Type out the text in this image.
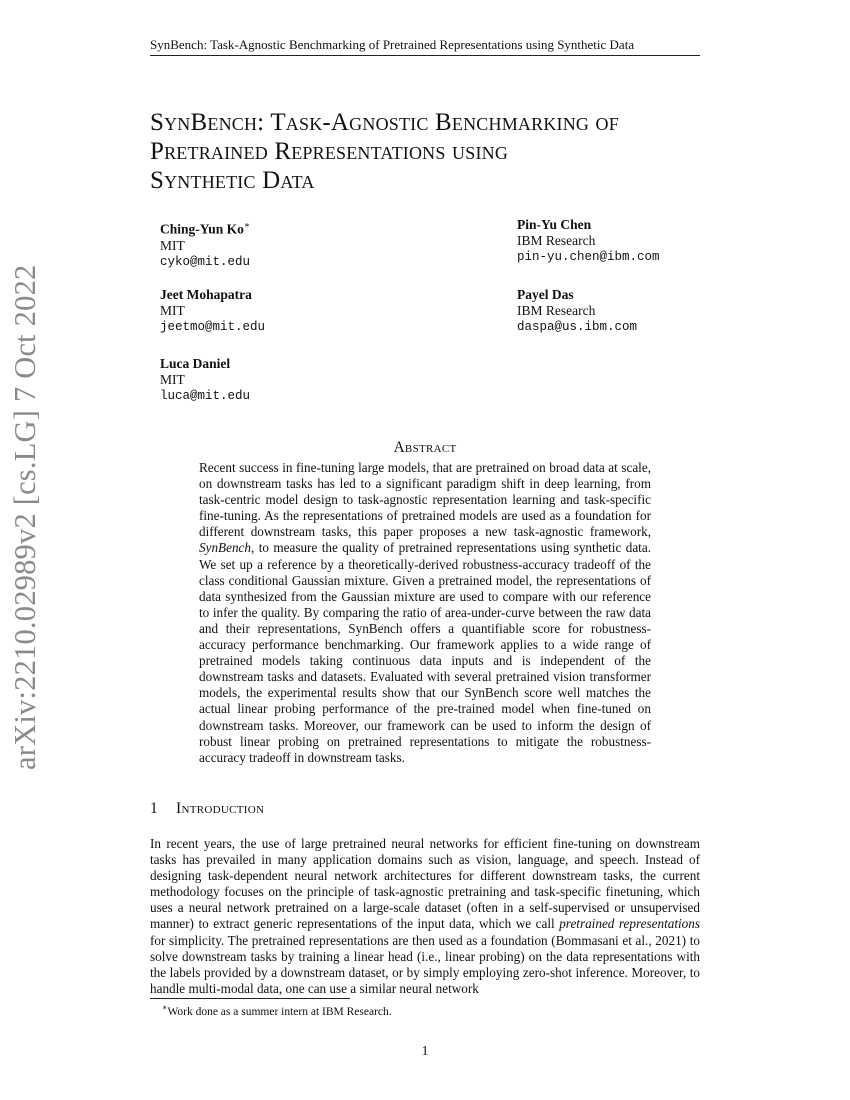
SynBench: Task-Agnostic Benchmarking of Pretrained Representations using Synthetic Data
arXiv:2210.02989v2 [cs.LG] 7 Oct 2022
SynBench: Task-Agnostic Benchmarking of
Pretrained Representations using
Synthetic Data
Ching-Yun Ko∗
MIT
cyko@mit.edu
Pin-Yu Chen
IBM Research
pin-yu.chen@ibm.com
Jeet Mohapatra
MIT
jeetmo@mit.edu
Payel Das
IBM Research
daspa@us.ibm.com
Luca Daniel
MIT
luca@mit.edu
Abstract
Recent success in fine-tuning large models, that are pretrained on broad data at scale, on downstream tasks has led to a significant paradigm shift in deep learning, from task-centric model design to task-agnostic representation learning and task-specific fine-tuning. As the representations of pretrained models are used as a foundation for different downstream tasks, this paper proposes a new task-agnostic framework, SynBench, to measure the quality of pretrained representations using synthetic data. We set up a reference by a theoretically-derived robustness-accuracy tradeoff of the class conditional Gaussian mixture. Given a pretrained model, the representations of data synthesized from the Gaussian mixture are used to compare with our reference to infer the quality. By comparing the ratio of area-under-curve between the raw data and their representations, SynBench offers a quantifiable score for robustness-accuracy performance benchmarking. Our framework applies to a wide range of pretrained models taking continuous data inputs and is independent of the downstream tasks and datasets. Evaluated with several pretrained vision transformer models, the experimental results show that our SynBench score well matches the actual linear probing performance of the pre-trained model when fine-tuned on downstream tasks. Moreover, our framework can be used to inform the design of robust linear probing on pretrained representations to mitigate the robustness-accuracy tradeoff in downstream tasks.
1 Introduction
In recent years, the use of large pretrained neural networks for efficient fine-tuning on downstream tasks has prevailed in many application domains such as vision, language, and speech. Instead of designing task-dependent neural network architectures for different downstream tasks, the current methodology focuses on the principle of task-agnostic pretraining and task-specific finetuning, which uses a neural network pretrained on a large-scale dataset (often in a self-supervised or unsupervised manner) to extract generic representations of the input data, which we call pretrained representations for simplicity. The pretrained representations are then used as a foundation (Bommasani et al., 2021) to solve downstream tasks by training a linear head (i.e., linear probing) on the data representations with the labels provided by a downstream dataset, or by simply employing zero-shot inference. Moreover, to handle multi-modal data, one can use a similar neural network
∗Work done as a summer intern at IBM Research.
1
